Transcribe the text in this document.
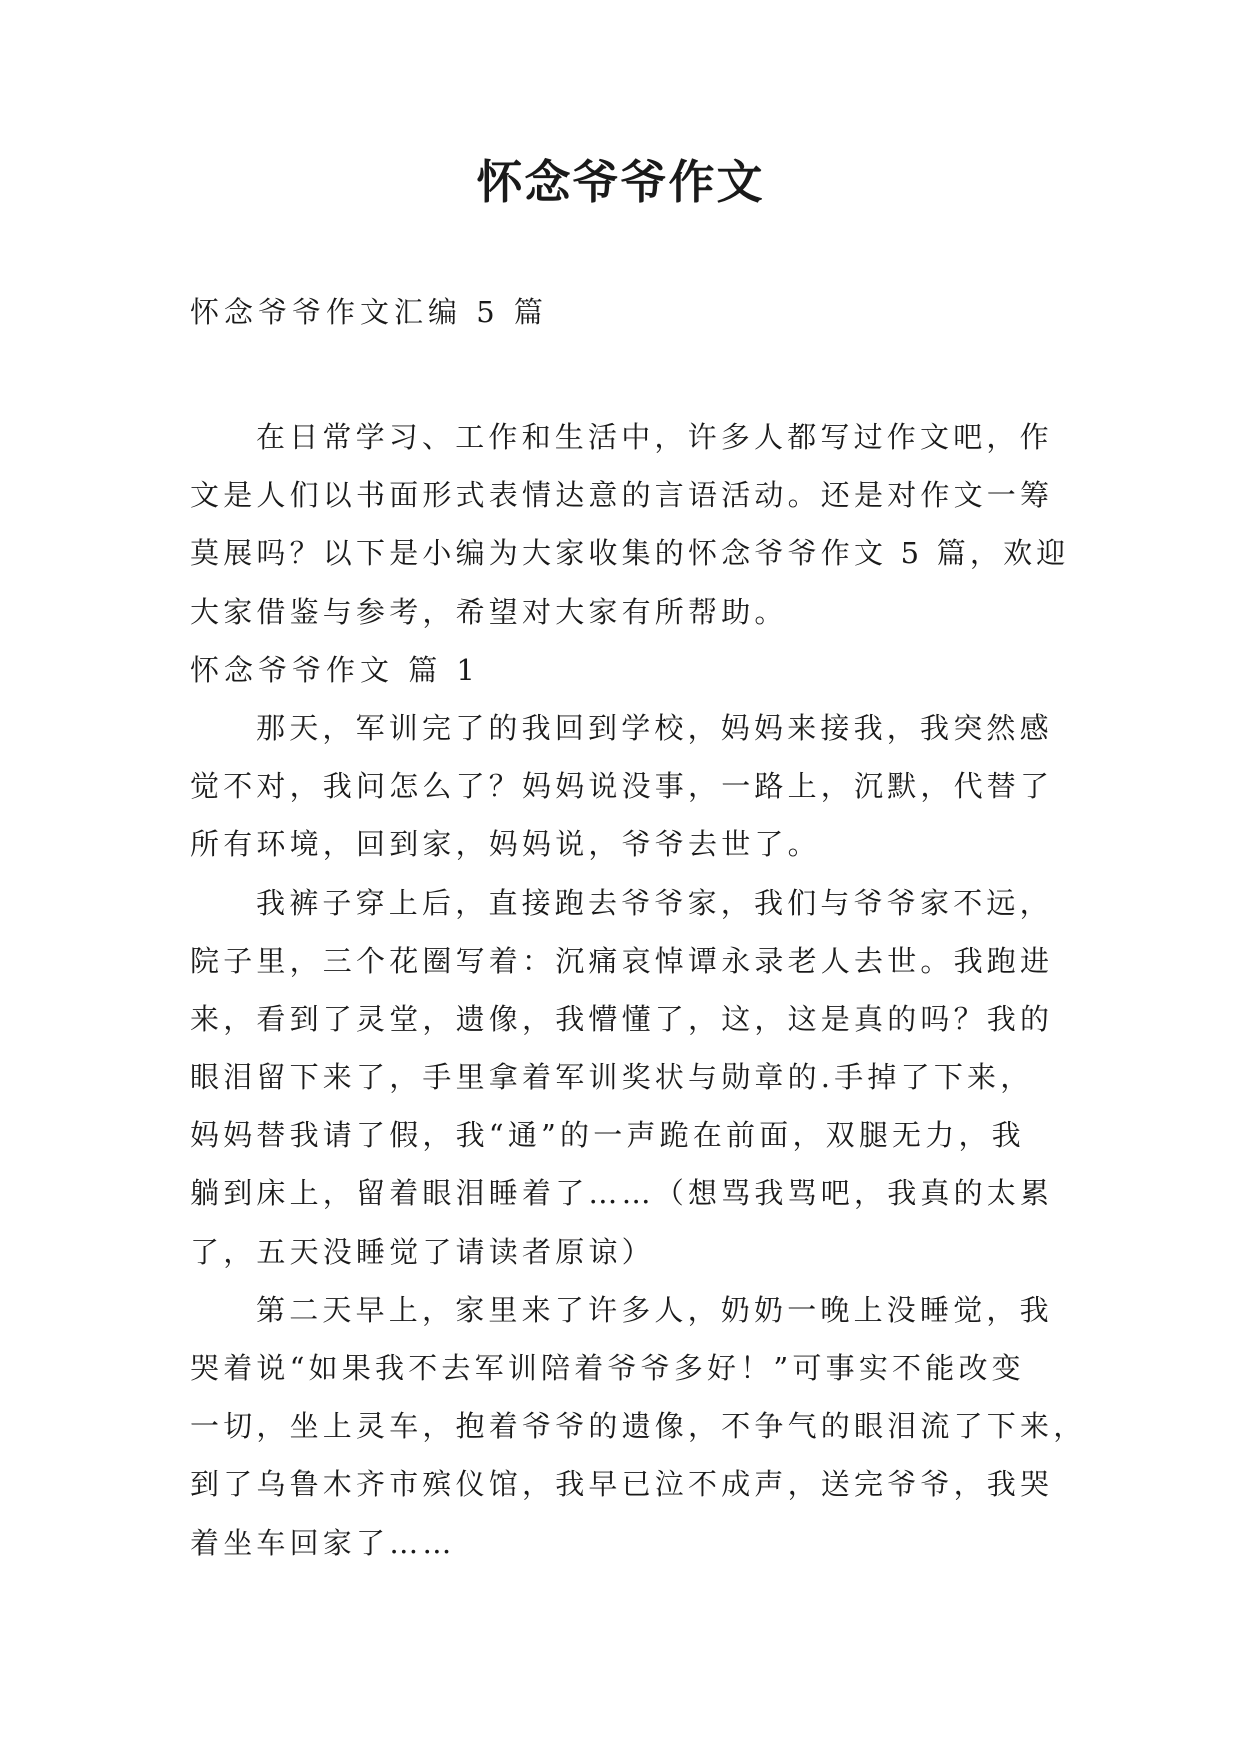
怀念爷爷作文

怀念爷爷作文汇编 5 篇

在日常学习、工作和生活中，许多人都写过作文吧，作
文是人们以书面形式表情达意的言语活动。还是对作文一筹
莫展吗？以下是小编为大家收集的怀念爷爷作文 5 篇，欢迎
大家借鉴与参考，希望对大家有所帮助。
怀念爷爷作文 篇 1
那天，军训完了的我回到学校，妈妈来接我，我突然感
觉不对，我问怎么了？妈妈说没事，一路上，沉默，代替了
所有环境，回到家，妈妈说，爷爷去世了。
我裤子穿上后，直接跑去爷爷家，我们与爷爷家不远，
院子里，三个花圈写着：沉痛哀悼谭永录老人去世。我跑进
来，看到了灵堂，遗像，我懵懂了，这，这是真的吗？我的
眼泪留下来了，手里拿着军训奖状与勋章的.手掉了下来，
妈妈替我请了假，我“通”的一声跪在前面，双腿无力，我
躺到床上，留着眼泪睡着了……（想骂我骂吧，我真的太累
了，五天没睡觉了请读者原谅）
第二天早上，家里来了许多人，奶奶一晚上没睡觉，我
哭着说“如果我不去军训陪着爷爷多好！”可事实不能改变
一切，坐上灵车，抱着爷爷的遗像，不争气的眼泪流了下来，
到了乌鲁木齐市殡仪馆，我早已泣不成声，送完爷爷，我哭
着坐车回家了……
